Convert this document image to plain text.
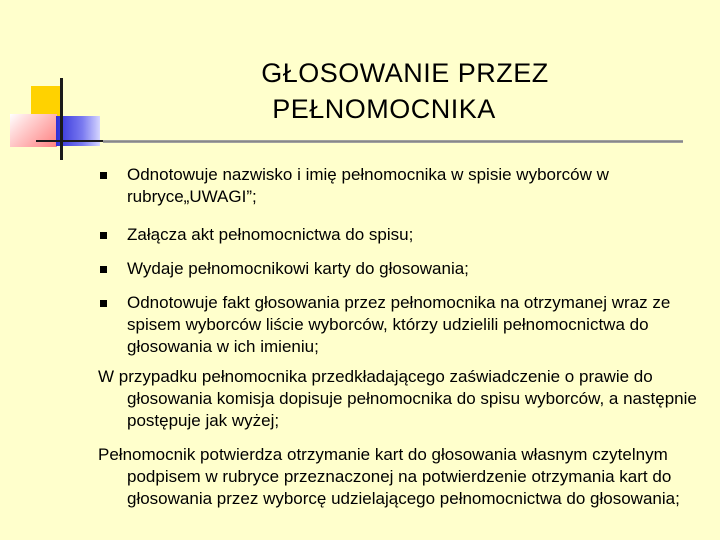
GŁOSOWANIE PRZEZ
PEŁNOMOCNIKA
Odnotowuje nazwisko i imię pełnomocnika w spisie wyborców w rubryce„UWAGI”;
Załącza akt pełnomocnictwa do spisu;
Wydaje pełnomocnikowi karty do głosowania;
Odnotowuje fakt głosowania przez pełnomocnika na otrzymanej wraz ze spisem wyborców liście wyborców, którzy udzielili pełnomocnictwa do głosowania w ich imieniu;
W przypadku pełnomocnika przedkładającego zaświadczenie o prawie do głosowania komisja dopisuje pełnomocnika do spisu wyborców, a następnie postępuje jak wyżej;
Pełnomocnik potwierdza otrzymanie kart do głosowania własnym czytelnym podpisem w rubryce przeznaczonej na potwierdzenie otrzymania kart do głosowania przez wyborcę udzielającego pełnomocnictwa do głosowania;
